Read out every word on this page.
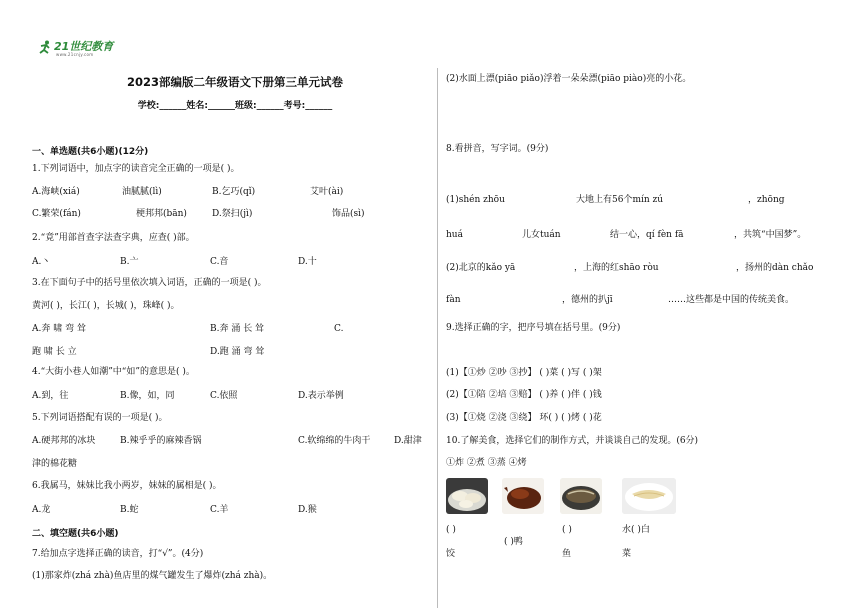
21世纪教育
www.21cnjy.com
2023部编版二年级语文下册第三单元试卷
学校:______姓名:______班级:______考号:______
一、单选题(共6小题)(12分)
1.下列词语中，加点字的读音完全正确的一项是( )。
A.海峡(xiá)	油腻腻(lì)	B.乞巧(qǐ)	艾叶(ài)
C.繁荣(fán)	梗邦邦(bān)	D.祭扫(jì)	饰品(sì)
2.“竟”用部首查字法查字典，应查( )部。
A.丶	B.亠	C.音	D.十
3.在下面句子中的括号里依次填入词语，正确的一项是( )。
黄河( )，长江( )，长城( )，珠峰( )。
A.奔 啸 弯 耸	B.奔 涌 长 耸	C.
跑 啸 长 立	D.跑 涌 弯 耸
4.“大街小巷人如潮”中“如”的意思是( )。
A.到，往	B.像，如，同	C.依照	D.表示举例
5.下列词语搭配有误的一项是( )。
A.硬邦邦的冰块	B.辣乎乎的麻辣香锅	C.软绵绵的牛肉干	D.甜津
津的棉花糖
6.我属马，妹妹比我小两岁，妹妹的属相是( )。
A.龙	B.蛇	C.羊	D.猴
二、填空题(共6小题)
7.给加点字选择正确的读音，打“√”。(4分)
(1)那家炸(zhá zhà)鱼店里的煤气罐发生了爆炸(zhá zhà)。
(2)水面上漂(piāo piǎo)浮着一朵朵漂(piāo piào)亮的小花。
8.看拼音，写字词。(9分)
(1)shén zhōu	大地上有56个mín zú	，zhōng
huá	儿女tuán	结一心，qí fèn fā	，共筑“中国梦”。
(2)北京的kǎo yā	，上海的红shāo ròu	，扬州的dàn chǎo
fàn	，德州的扒jī	……这些都是中国的传统美食。
9.选择正确的字，把序号填在括号里。(9分)
(1)【①炒 ②吵 ③抄】 ( )菜 ( )写 ( )架
(2)【①陪 ②培 ③赔】 ( )养 ( )伴 ( )钱
(3)【①烧 ②浇 ③绕】 环( ) ( )烤 ( )花
10.了解美食，选择它们的制作方式，并谈谈自己的发现。(6分)
①炸 ②煮 ③蒸 ④烤
( )	( )	水( )白
饺
( )鸭
鱼	菜
